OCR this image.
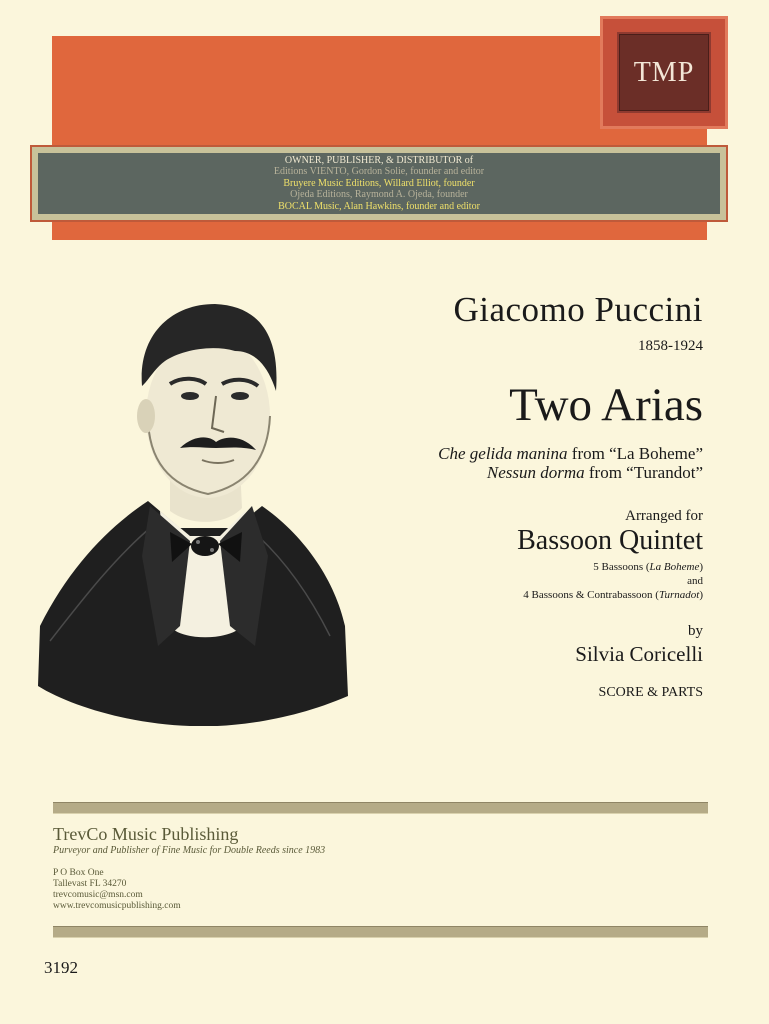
TMP
OWNER, PUBLISHER, & DISTRIBUTOR of
Editions VIENTO, Gordon Solie, founder and editor
Bruyere Music Editions, Willard Elliot, founder
Ojeda Editions, Raymond A. Ojeda, founder
BOCAL Music, Alan Hawkins, founder and editor
Giacomo Puccini
1858-1924
Two Arias
Che gelida manina from “La Boheme”
Nessun dorma from “Turandot”
Arranged for
Bassoon Quintet
5 Bassoons (La Boheme)
and
4 Bassoons & Contrabassoon (Turnadot)
by
Silvia Coricelli
SCORE & PARTS
TrevCo Music Publishing
Purveyor and Publisher of Fine Music for Double Reeds since 1983
P O Box One
Tallevast FL 34270
trevcomusic@msn.com
www.trevcomusicpublishing.com
3192
